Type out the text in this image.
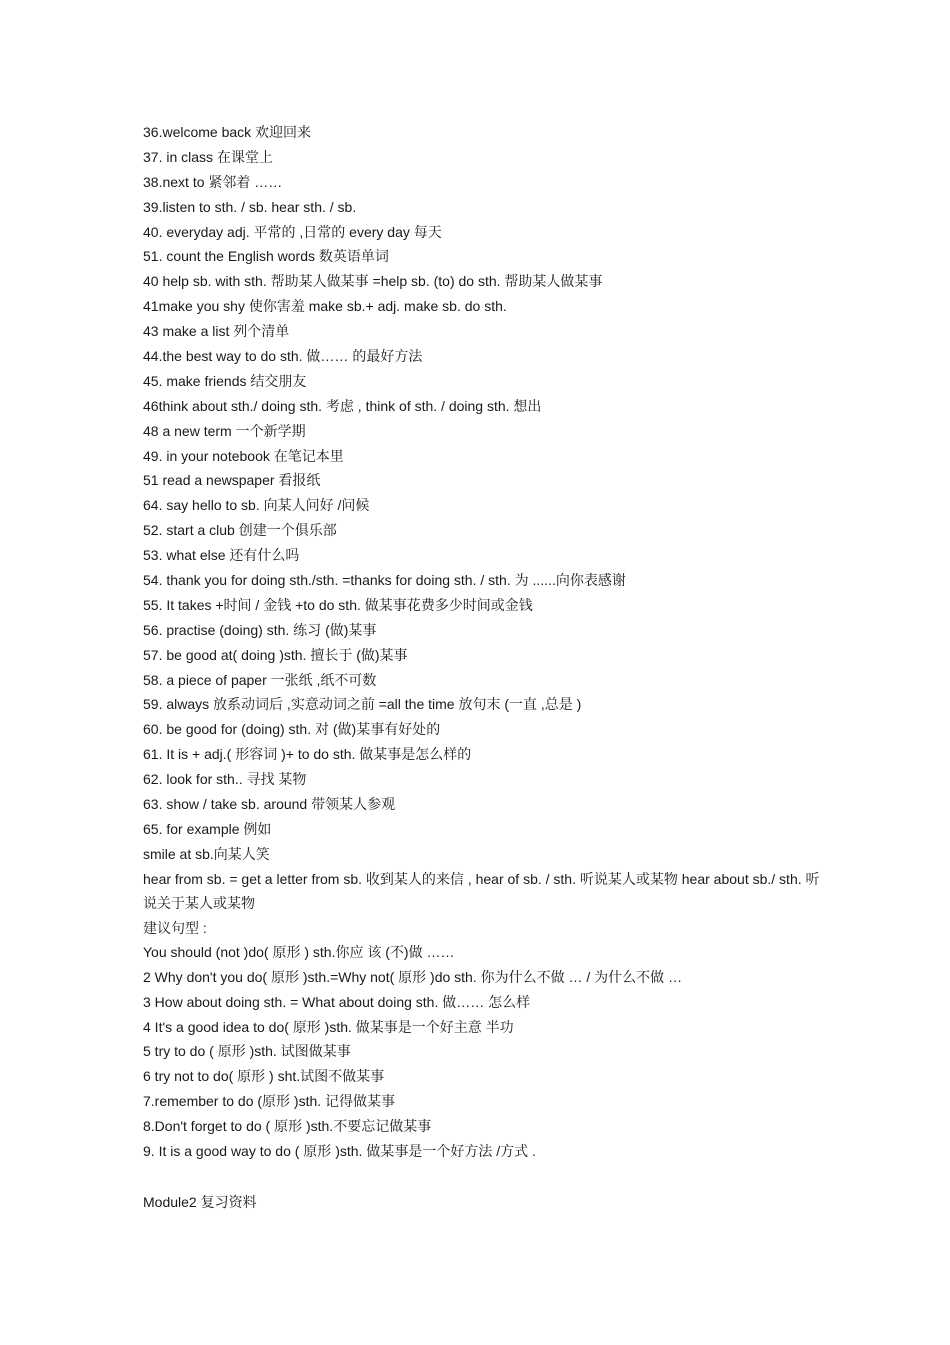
36.welcome back 欢迎回来
37. in class 在课堂上
38.next to 紧邻着 ……
39.listen to sth. / sb. hear sth. / sb.
40. everyday adj. 平常的 ,日常的 every day 每天
51. count the English words 数英语单词
40 help sb. with sth. 帮助某人做某事 =help sb. (to) do sth. 帮助某人做某事
41make you shy 使你害羞 make sb.+ adj. make sb. do sth.
43 make a list 列个清单
44.the best way to do sth. 做…… 的最好方法
45. make friends 结交朋友
46think about sth./ doing sth. 考虑 , think of sth. / doing sth. 想出
48 a new term 一个新学期
49. in your notebook 在笔记本里
51 read a newspaper 看报纸
64. say hello to sb. 向某人问好 /问候
52. start a club 创建一个俱乐部
53. what else 还有什么吗
54. thank you for doing sth./sth. =thanks for doing sth. / sth. 为 ......向你表感谢
55. It takes +时间 / 金钱 +to do sth. 做某事花费多少时间或金钱
56. practise (doing) sth. 练习 (做)某事
57. be good at( doing )sth. 擅长于 (做)某事
58. a piece of paper 一张纸 ,纸不可数
59. always 放系动词后 ,实意动词之前 =all the time 放句末 (一直 ,总是 )
60. be good for (doing) sth. 对 (做)某事有好处的
61. It is + adj.( 形容词 )+ to do sth. 做某事是怎么样的
62. look for sth.. 寻找 某物
63. show / take sb. around 带领某人参观
65. for example 例如
smile at sb.向某人笑
hear from sb. = get a letter from sb. 收到某人的来信 , hear of sb. / sth. 听说某人或某物 hear about sb./ sth. 听说关于某人或某物
建议句型 :
You should (not )do( 原形 ) sth.你应 该 (不)做 ……
2 Why don't you do( 原形 )sth.=Why not( 原形 )do sth. 你为什么不做 … / 为什么不做 …
3 How about doing sth. = What about doing sth. 做…… 怎么样
4 It's a good idea to do( 原形 )sth. 做某事是一个好主意 半功
5 try to do ( 原形 )sth. 试图做某事
6 try not to do( 原形 ) sht.试图不做某事
7.remember to do (原形 )sth. 记得做某事
8.Don't forget to do ( 原形 )sth.不要忘记做某事
9. It is a good way to do ( 原形 )sth. 做某事是一个好方法 /方式 .
Module2 复习资料
